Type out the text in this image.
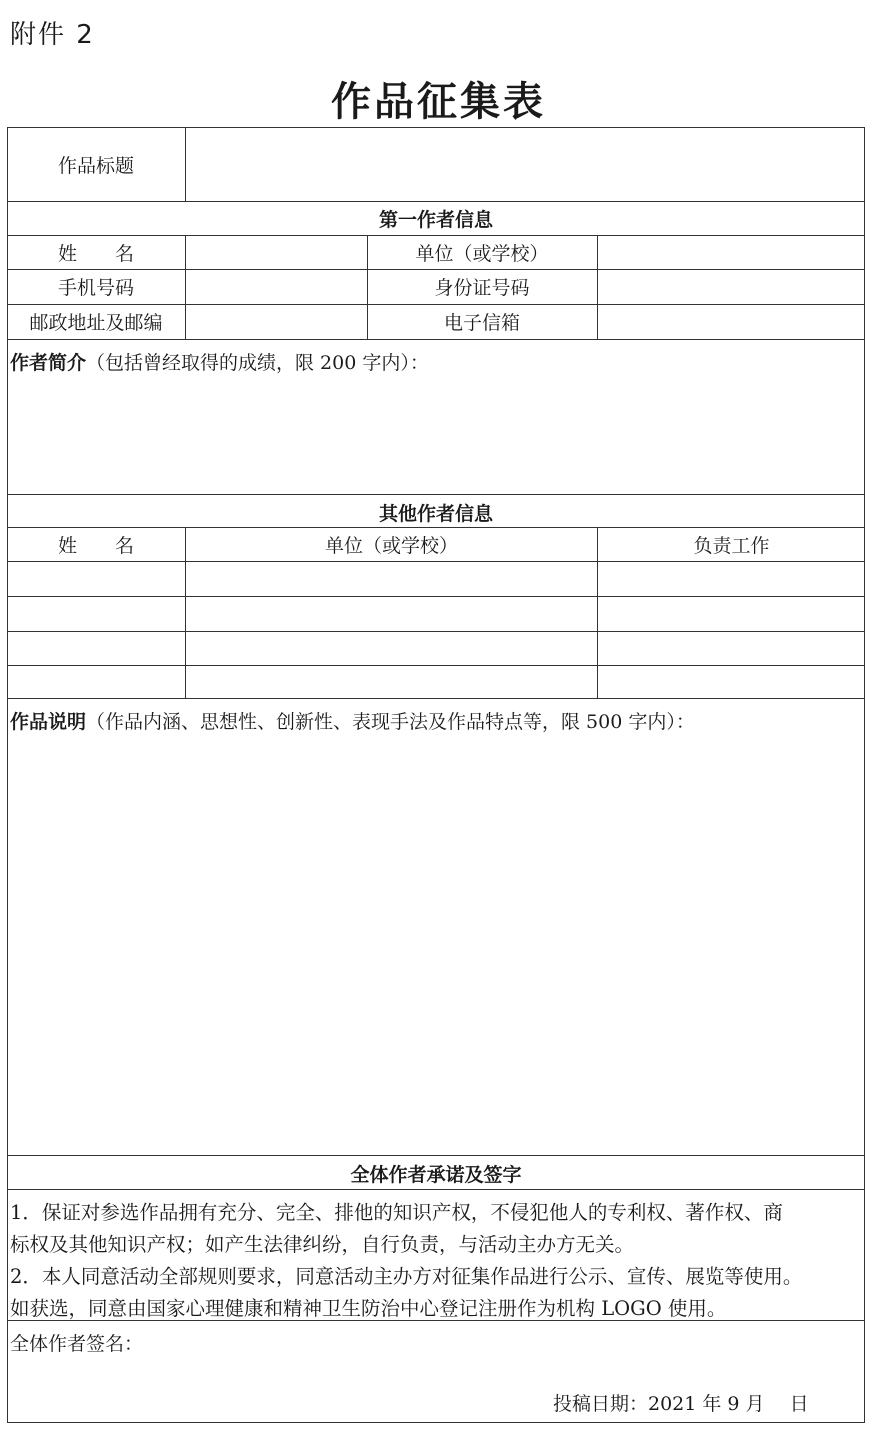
附件 2
作品征集表
作品标题
第一作者信息
姓　　名	单位（或学校）
手机号码	身份证号码
邮政地址及邮编	电子信箱
作者简介（包括曾经取得的成绩，限 200 字内）：
其他作者信息
姓　　名	单位（或学校）	负责工作
作品说明（作品内涵、思想性、创新性、表现手法及作品特点等，限 500 字内）：
全体作者承诺及签字
1．保证对参选作品拥有充分、完全、排他的知识产权，不侵犯他人的专利权、著作权、商
标权及其他知识产权；如产生法律纠纷，自行负责，与活动主办方无关。
2．本人同意活动全部规则要求，同意活动主办方对征集作品进行公示、宣传、展览等使用。
如获选，同意由国家心理健康和精神卫生防治中心登记注册作为机构 LOGO 使用。
全体作者签名：
投稿日期：2021 年 9 月　 日
